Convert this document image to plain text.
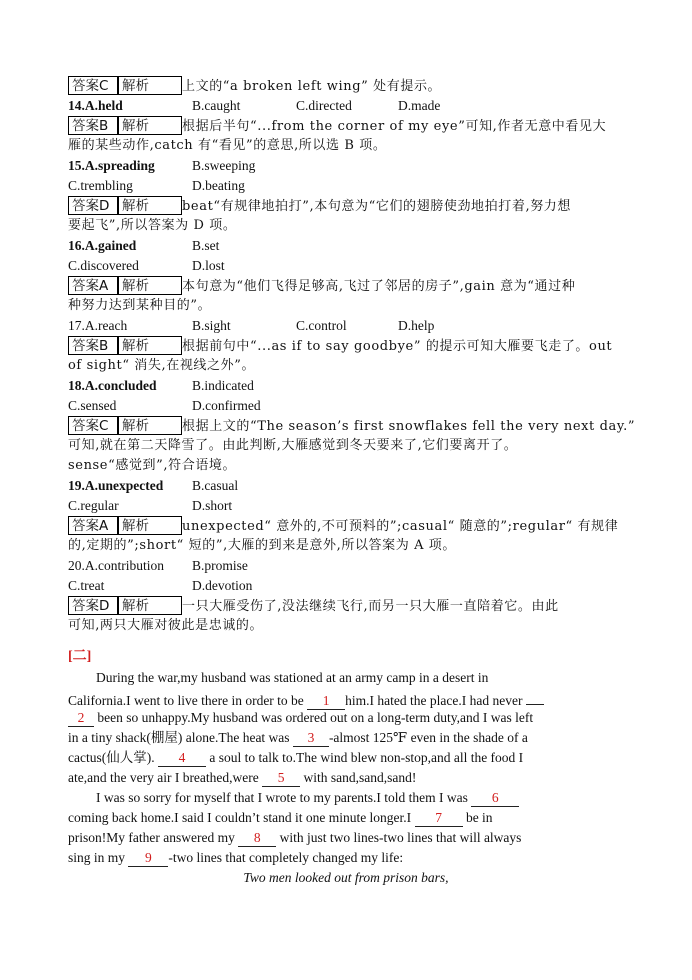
答案C 解析	上文的“a broken left wing” 处有提示。
14.A.held	B.caught	C.directed	D.made
答案B 解析	根据后半句“...from the corner of my eye”可知,作者无意中看见大
雁的某些动作,catch 有“看见”的意思,所以选 B 项。
15.A.spreading	B.sweeping
C.trembling	D.beating
答案D 解析	beat“有规律地拍打”,本句意为“它们的翅膀使劲地拍打着,努力想
要起飞”,所以答案为 D 项。
16.A.gained	B.set
C.discovered	D.lost
答案A 解析	本句意为“他们飞得足够高,飞过了邻居的房子”,gain 意为“通过种
种努力达到某种目的”。
17.A.reach	B.sight	C.control	D.help
答案B 解析	根据前句中“...as if to say goodbye” 的提示可知大雁要飞走了。out
of sight“ 消失,在视线之外”。
18.A.concluded	B.indicated
C.sensed	D.confirmed
答案C 解析	根据上文的“The season’s first snowflakes fell the very next day.”
可知,就在第二天降雪了。由此判断,大雁感觉到冬天要来了,它们要离开了。
sense“感觉到”,符合语境。
19.A.unexpected B.casual
C.regular	D.short
答案A 解析	unexpected“ 意外的,不可预料的”;casual“ 随意的”;regular“ 有规律
的,定期的”;short“ 短的”,大雁的到来是意外,所以答案为 A 项。
20.A.contribution B.promise
C.treat	D.devotion
答案D 解析	一只大雁受伤了,没法继续飞行,而另一只大雁一直陪着它。由此
可知,两只大雁对彼此是忠诚的。
[二]
During the war,my husband was stationed at an army camp in a desert in
California.I went to live there in order to be 1 him.I hated the place.I had never
2 been so unhappy.My husband was ordered out on a long-term duty,and I was left
in a tiny shack(棚屋) alone.The heat was 3 -almost 125℉ even in the shade of a
cactus(仙人掌). 4 a soul to talk to.The wind blew non-stop,and all the food I
ate,and the very air I breathed,were 5 with sand,sand,sand!
I was so sorry for myself that I wrote to my parents.I told them I was 6
coming back home.I said I couldn’t stand it one minute longer.I 7 be in
prison!My father answered my 8 with just two lines-two lines that will always
sing in my 9 -two lines that completely changed my life:
Two men looked out from prison bars,
